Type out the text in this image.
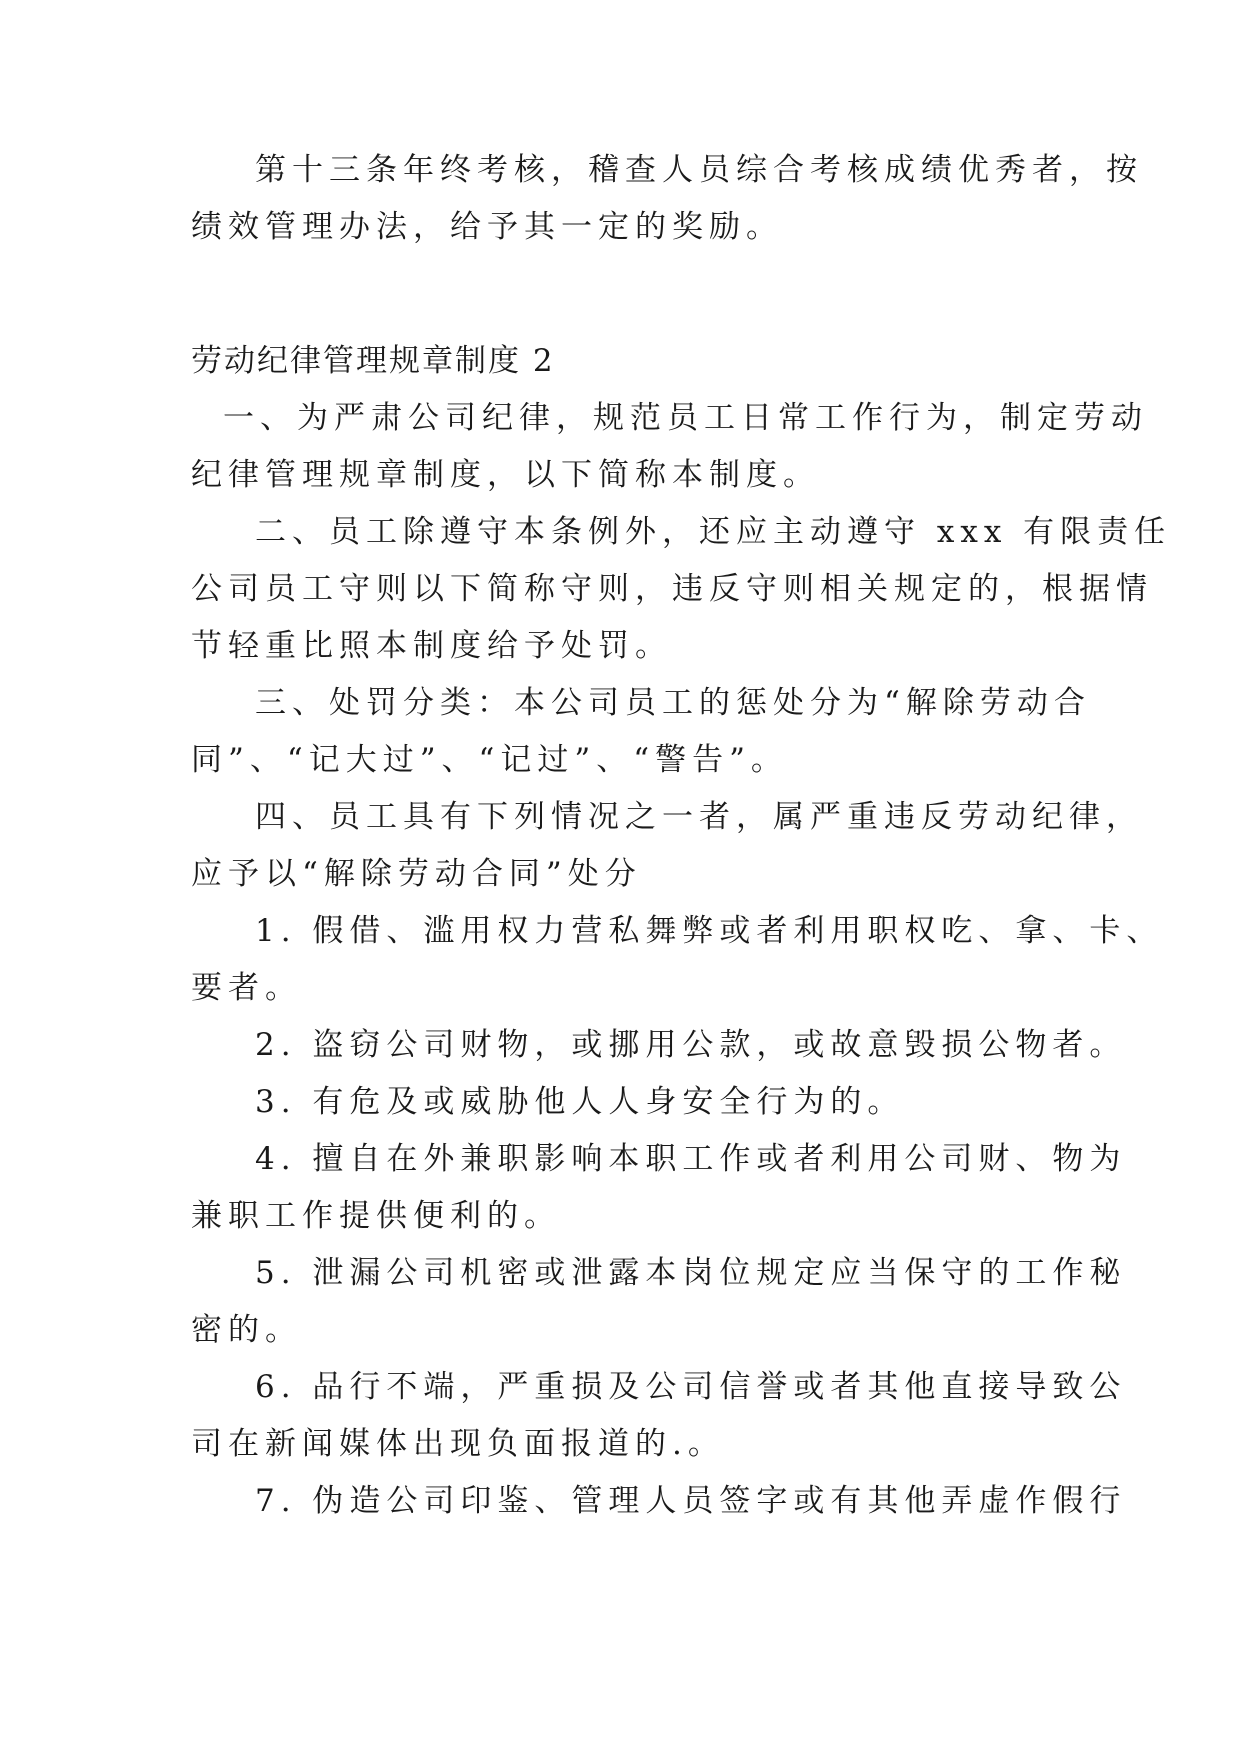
第十三条年终考核，稽查人员综合考核成绩优秀者，按
绩效管理办法，给予其一定的奖励。
劳动纪律管理规章制度 2
一、为严肃公司纪律，规范员工日常工作行为，制定劳动
纪律管理规章制度，以下简称本制度。
二、员工除遵守本条例外，还应主动遵守 xxx 有限责任
公司员工守则以下简称守则，违反守则相关规定的，根据情
节轻重比照本制度给予处罚。
三、处罚分类：本公司员工的惩处分为“解除劳动合
同”、“记大过”、“记过”、“警告”。
四、员工具有下列情况之一者，属严重违反劳动纪律，
应予以“解除劳动合同”处分
1. 假借、滥用权力营私舞弊或者利用职权吃、拿、卡、
要者。
2. 盗窃公司财物，或挪用公款，或故意毁损公物者。
3. 有危及或威胁他人人身安全行为的。
4. 擅自在外兼职影响本职工作或者利用公司财、物为
兼职工作提供便利的。
5. 泄漏公司机密或泄露本岗位规定应当保守的工作秘
密的。
6. 品行不端，严重损及公司信誉或者其他直接导致公
司在新闻媒体出现负面报道的.。
7. 伪造公司印鉴、管理人员签字或有其他弄虚作假行
